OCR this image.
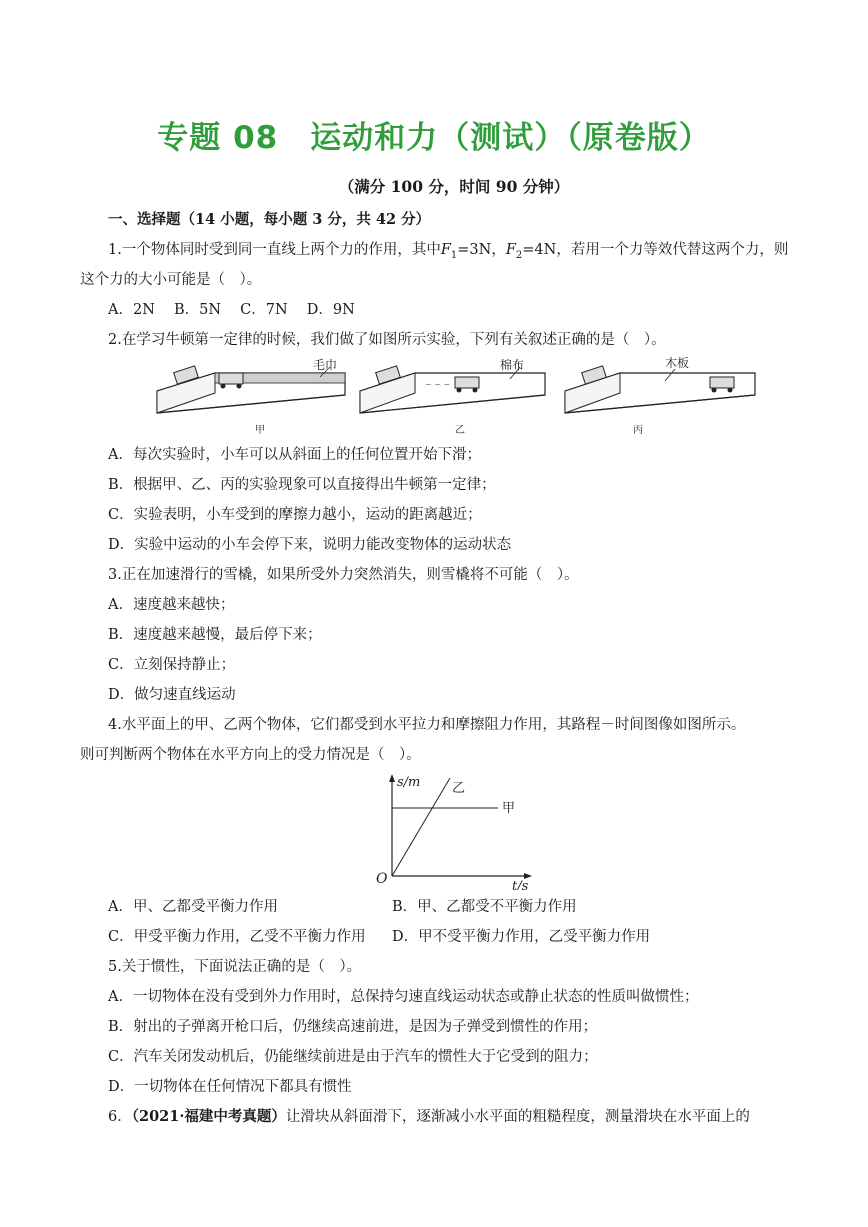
专题 08　运动和力（测试）（原卷版）
（满分 100 分，时间 90 分钟）
一、选择题（14 小题，每小题 3 分，共 42 分）
1.一个物体同时受到同一直线上两个力的作用，其中$F_1=3N$，$F_2=4N$，若用一个力等效代替这两个力，则
这个力的大小可能是（　）。
A．2N　 B．5N　 C．7N　 D．9N
2.在学习牛顿第一定律的时候，我们做了如图所示实验，下列有关叙述正确的是（　）。
毛巾
甲
~ ~ ~
棉布
乙
木板
丙
A．每次实验时，小车可以从斜面上的任何位置开始下滑；
B．根据甲、乙、丙的实验现象可以直接得出牛顿第一定律；
C．实验表明，小车受到的摩擦力越小，运动的距离越近；
D．实验中运动的小车会停下来，说明力能改变物体的运动状态
3.正在加速滑行的雪橇，如果所受外力突然消失，则雪橇将不可能（　）。
A．速度越来越快；
B．速度越来越慢，最后停下来；
C．立刻保持静止；
D．做匀速直线运动
4.水平面上的甲、乙两个物体，它们都受到水平拉力和摩擦阻力作用，其路程－时间图像如图所示。
则可判断两个物体在水平方向上的受力情况是（　）。
s/m
t/s
O
乙
甲
A．甲、乙都受平衡力作用	B．甲、乙都受不平衡力作用
C．甲受平衡力作用，乙受不平衡力作用 D．甲不受平衡力作用，乙受平衡力作用
5.关于惯性，下面说法正确的是（　）。
A．一切物体在没有受到外力作用时，总保持匀速直线运动状态或静止状态的性质叫做惯性；
B．射出的子弹离开枪口后，仍继续高速前进，是因为子弹受到惯性的作用；
C．汽车关闭发动机后，仍能继续前进是由于汽车的惯性大于它受到的阻力；
D．一切物体在任何情况下都具有惯性
6．（2021·福建中考真题）让滑块从斜面滑下，逐渐减小水平面的粗糙程度，测量滑块在水平面上的
